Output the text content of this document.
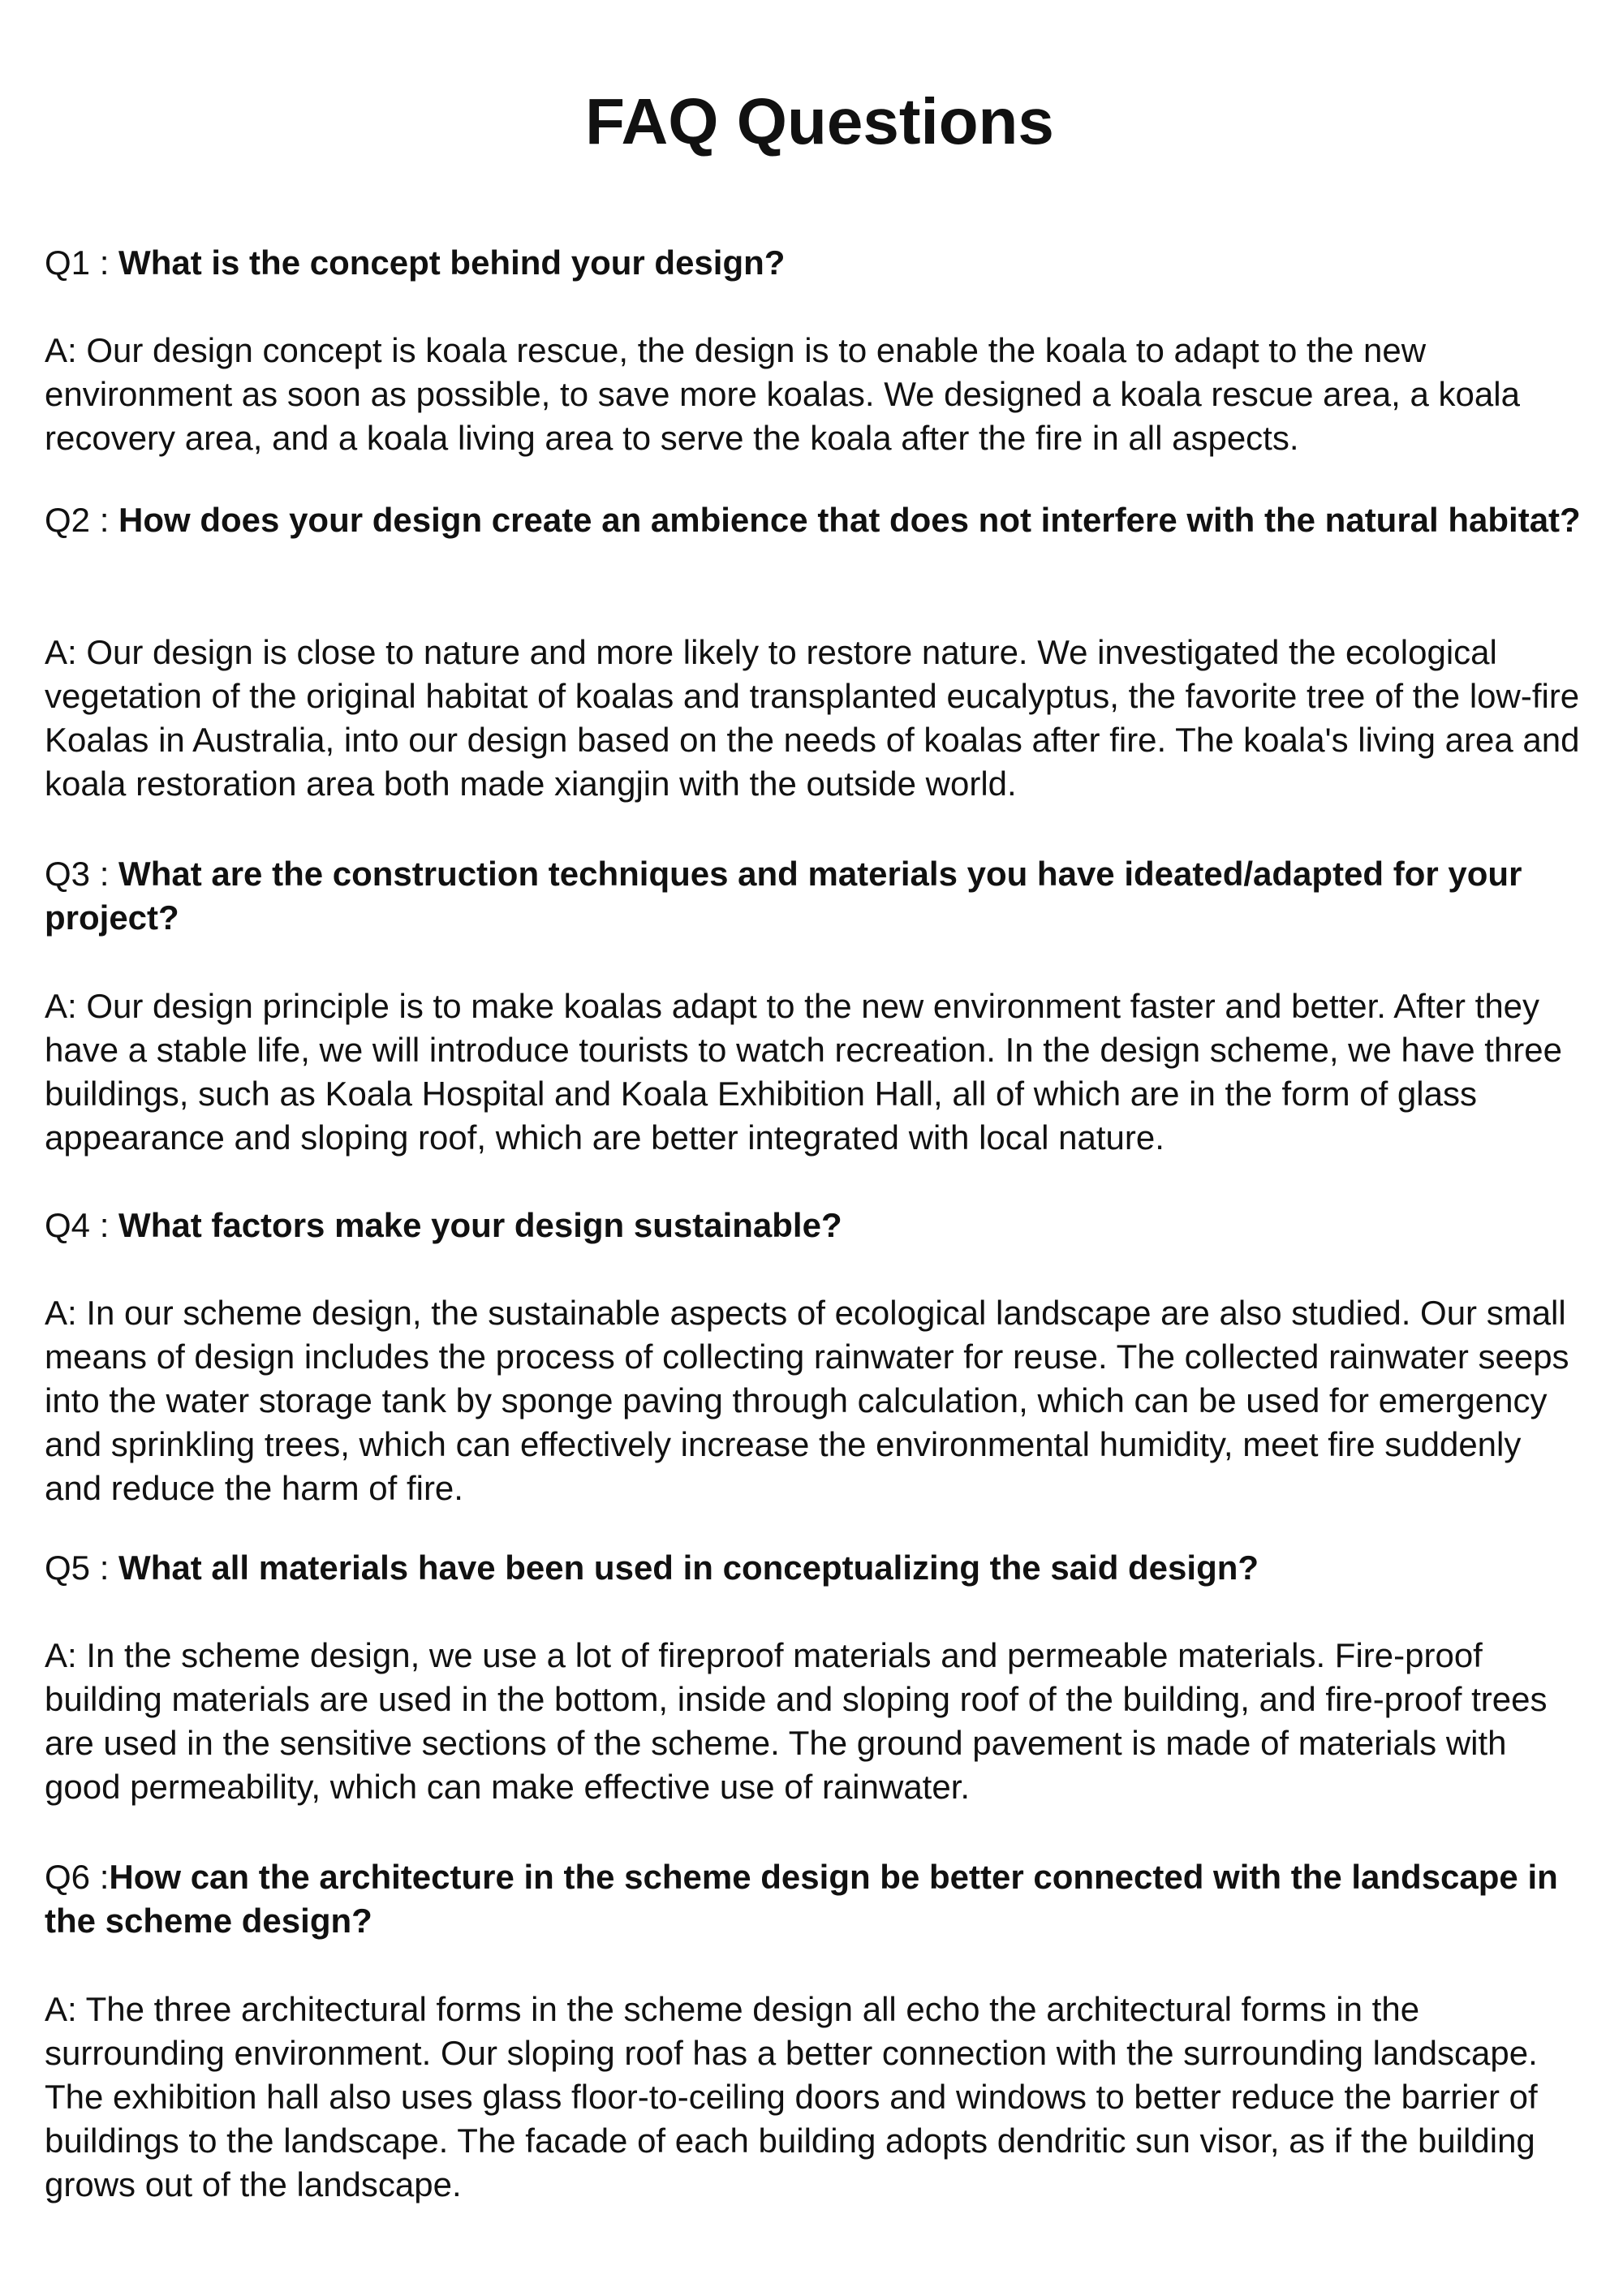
FAQ Questions

Q1 : What is the concept behind your design?

A: Our design concept is koala rescue, the design is to enable the koala to adapt to the new environment as soon as possible, to save more koalas. We designed a koala rescue area, a koala recovery area, and a koala living area to serve the koala after the fire in all aspects.

Q2 : How does your design create an ambience that does not interfere with the natural habitat?

A: Our design is close to nature and more likely to restore nature. We investigated the ecological vegetation of the original habitat of koalas and transplanted eucalyptus, the favorite tree of the low-fire Koalas in Australia, into our design based on the needs of koalas after fire. The koala's living area and koala restoration area both made xiangjin with the outside world.

Q3 : What are the construction techniques and materials you have ideated/adapted for your project?

A: Our design principle is to make koalas adapt to the new environment faster and better. After they have a stable life, we will introduce tourists to watch recreation. In the design scheme, we have three buildings, such as Koala Hospital and Koala Exhibition Hall, all of which are in the form of glass appearance and sloping roof, which are better integrated with local nature.

Q4 : What factors make your design sustainable?

A: In our scheme design, the sustainable aspects of ecological landscape are also studied. Our small means of design includes the process of collecting rainwater for reuse. The collected rainwater seeps into the water storage tank by sponge paving through calculation, which can be used for emergency and sprinkling trees, which can effectively increase the environmental humidity, meet fire suddenly and reduce the harm of fire.

Q5 : What all materials have been used in conceptualizing the said design?

A: In the scheme design, we use a lot of fireproof materials and permeable materials. Fire-proof building materials are used in the bottom, inside and sloping roof of the building, and fire-proof trees are used in the sensitive sections of the scheme. The ground pavement is made of materials with good permeability, which can make effective use of rainwater.

Q6 :How can the architecture in the scheme design be better connected with the landscape in the scheme design?

A: The three architectural forms in the scheme design all echo the architectural forms in the surrounding environment. Our sloping roof has a better connection with the surrounding landscape. The exhibition hall also uses glass floor-to-ceiling doors and windows to better reduce the barrier of buildings to the landscape. The facade of each building adopts dendritic sun visor, as if the building grows out of the landscape.
